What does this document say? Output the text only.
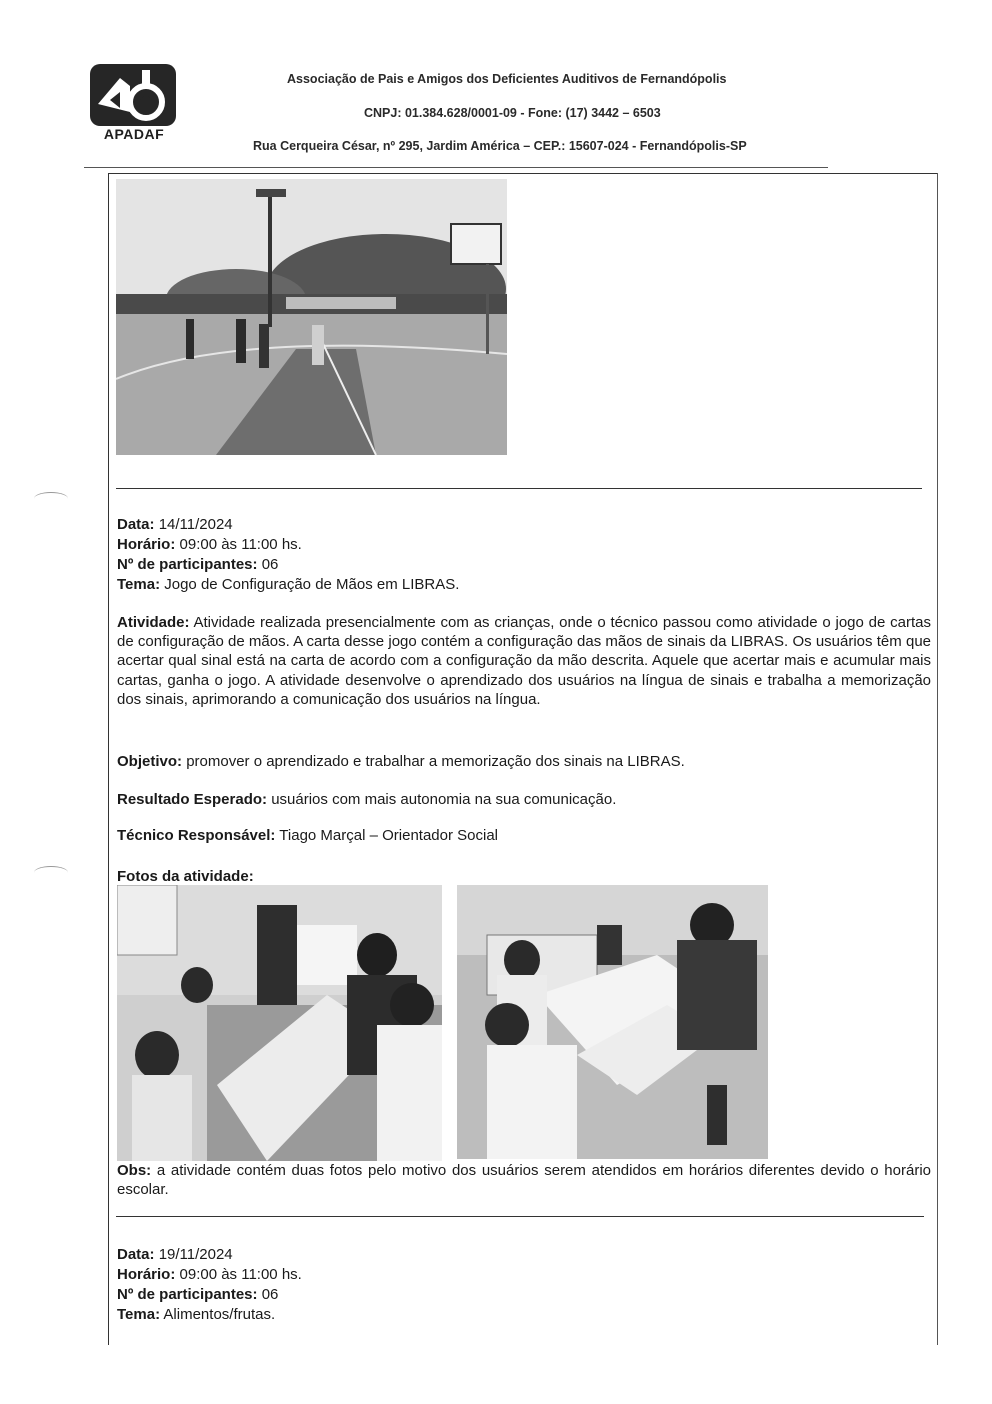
APADAF
Associação de Pais e Amigos dos Deficientes Auditivos de Fernandópolis
CNPJ: 01.384.628/0001-09 - Fone: (17) 3442 – 6503
Rua Cerqueira César, nº 295, Jardim América – CEP.: 15607-024 - Fernandópolis-SP
Data: 14/11/2024
Horário: 09:00 às 11:00 hs.
Nº de participantes: 06
Tema: Jogo de Configuração de Mãos em LIBRAS.
Atividade: Atividade realizada presencialmente com as crianças, onde o técnico passou como atividade o jogo de cartas de configuração de mãos. A carta desse jogo contém a configuração das mãos de sinais da LIBRAS. Os usuários têm que acertar qual sinal está na carta de acordo com a configuração da mão descrita. Aquele que acertar mais e acumular mais cartas, ganha o jogo. A atividade desenvolve o aprendizado dos usuários na língua de sinais e trabalha a memorização dos sinais, aprimorando a comunicação dos usuários na língua.
Objetivo: promover o aprendizado e trabalhar a memorização dos sinais na LIBRAS.
Resultado Esperado: usuários com mais autonomia na sua comunicação.
Técnico Responsável: Tiago Marçal – Orientador Social
Fotos da atividade:
Obs: a atividade contém duas fotos pelo motivo dos usuários serem atendidos em horários diferentes devido o horário escolar.
Data: 19/11/2024
Horário: 09:00 às 11:00 hs.
Nº de participantes: 06
Tema: Alimentos/frutas.
